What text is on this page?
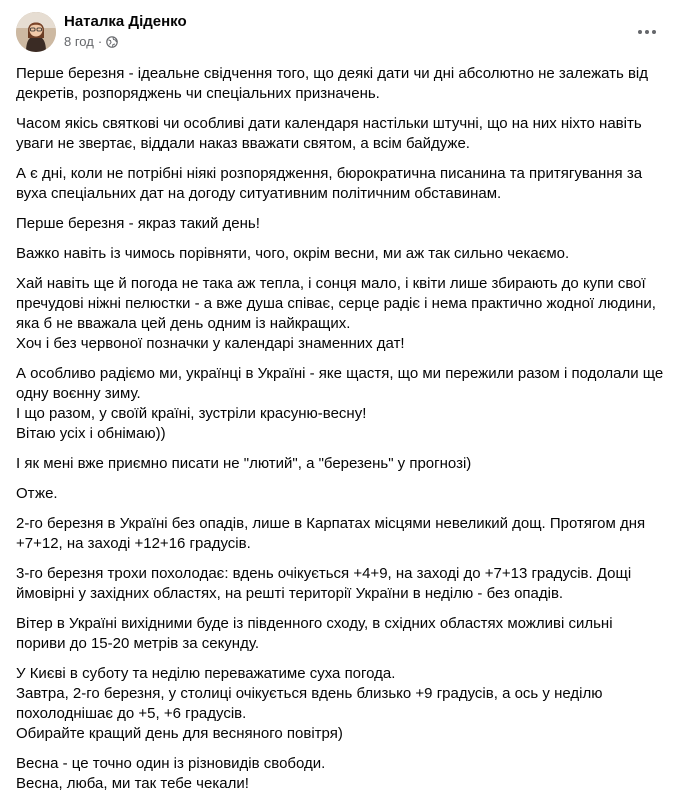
Наталка Діденко
8 год ·
Перше березня - ідеальне свідчення того, що деякі дати чи дні абсолютно не залежать від
декретів, розпоряджень чи спеціальних призначень.
Часом якісь святкові чи особливі дати календаря настільки штучні, що на них ніхто навіть
уваги не звертає, віддали наказ вважати святом, а всім байдуже.
А є дні, коли не потрібні ніякі розпорядження, бюрократична писанина та притягування за
вуха спеціальних дат на догоду ситуативним політичним обставинам.
Перше березня - якраз такий день!
Важко навіть із чимось порівняти, чого, окрім весни, ми аж так сильно чекаємо.
Хай навіть ще й погода не така аж тепла, і сонця мало, і квіти лише збирають до купи свої
пречудові ніжні пелюстки - а вже душа співає, серце радіє і нема практично жодної людини,
яка б не вважала цей день одним із найкращих.
Хоч і без червоної позначки у календарі знаменних дат!
А особливо радіємо ми, українці в Україні - яке щастя, що ми пережили разом і подолали ще
одну воєнну зиму.
І що разом, у своїй країні, зустріли красуню-весну!
Вітаю усіх і обнімаю))
І як мені вже приємно писати не "лютий", а "березень" у прогнозі)
Отже.
2-го березня в Україні без опадів, лише в Карпатах місцями невеликий дощ. Протягом дня
+7+12, на заході +12+16 градусів.
3-го березня трохи похолодає: вдень очікується +4+9, на заході до +7+13 градусів. Дощі
ймовірні у західних областях, на решті території України в неділю - без опадів.
Вітер в Україні вихідними буде із південного сходу, в східних областях можливі сильні
пориви до 15-20 метрів за секунду.
У Києві в суботу та неділю переважатиме суха погода.
Завтра, 2-го березня, у столиці очікується вдень близько +9 градусів, а ось у неділю
похолоднішає до +5, +6 градусів.
Обирайте кращий день для весняного повітря)
Весна - це точно один із різновидів свободи.
Весна, люба, ми так тебе чекали!
